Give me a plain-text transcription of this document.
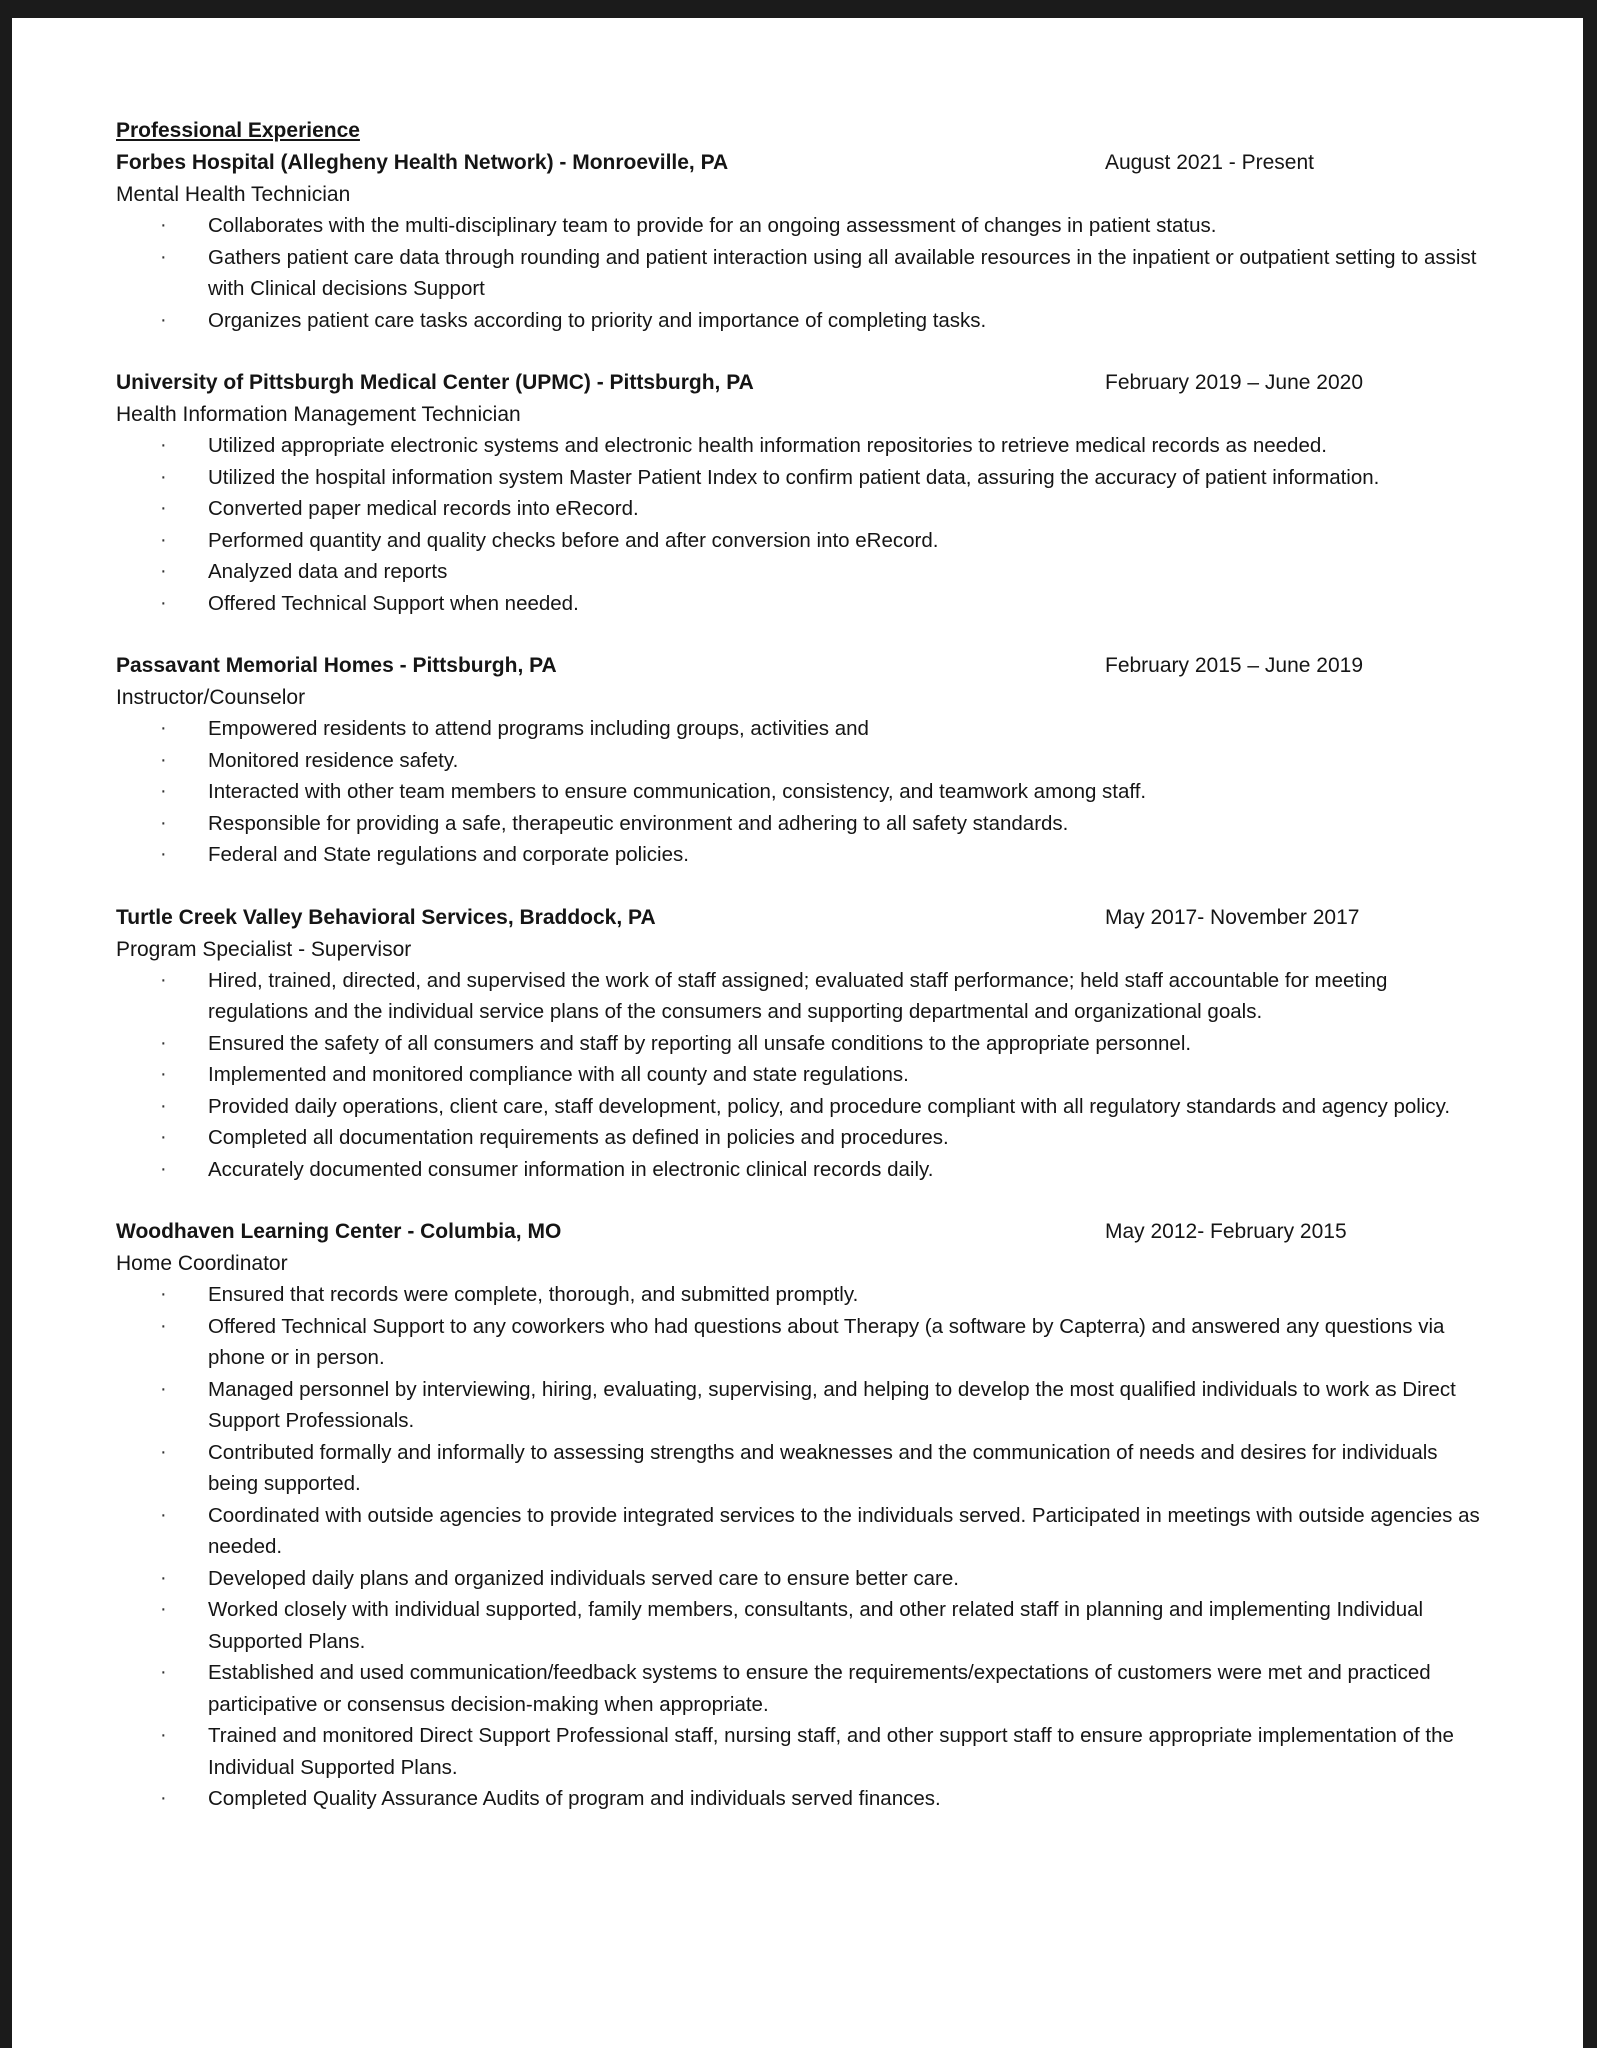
Professional Experience
Forbes Hospital (Allegheny Health Network) - Monroeville, PA	August 2021 - Present
Mental Health Technician
· Collaborates with the multi-disciplinary team to provide for an ongoing assessment of changes in patient status.
· Gathers patient care data through rounding and patient interaction using all available resources in the inpatient or outpatient setting to assist with Clinical decisions Support
· Organizes patient care tasks according to priority and importance of completing tasks.
University of Pittsburgh Medical Center (UPMC) - Pittsburgh, PA	February 2019 – June 2020
Health Information Management Technician
· Utilized appropriate electronic systems and electronic health information repositories to retrieve medical records as needed.
· Utilized the hospital information system Master Patient Index to confirm patient data, assuring the accuracy of patient information.
· Converted paper medical records into eRecord.
· Performed quantity and quality checks before and after conversion into eRecord.
· Analyzed data and reports
· Offered Technical Support when needed.
Passavant Memorial Homes - Pittsburgh, PA	February 2015 – June 2019
Instructor/Counselor
· Empowered residents to attend programs including groups, activities and
· Monitored residence safety.
· Interacted with other team members to ensure communication, consistency, and teamwork among staff.
· Responsible for providing a safe, therapeutic environment and adhering to all safety standards.
· Federal and State regulations and corporate policies.
Turtle Creek Valley Behavioral Services, Braddock, PA	May 2017- November 2017
Program Specialist - Supervisor
· Hired, trained, directed, and supervised the work of staff assigned; evaluated staff performance; held staff accountable for meeting regulations and the individual service plans of the consumers and supporting departmental and organizational goals.
· Ensured the safety of all consumers and staff by reporting all unsafe conditions to the appropriate personnel.
· Implemented and monitored compliance with all county and state regulations.
· Provided daily operations, client care, staff development, policy, and procedure compliant with all regulatory standards and agency policy.
· Completed all documentation requirements as defined in policies and procedures.
· Accurately documented consumer information in electronic clinical records daily.
Woodhaven Learning Center - Columbia, MO	May 2012- February 2015
Home Coordinator
· Ensured that records were complete, thorough, and submitted promptly.
· Offered Technical Support to any coworkers who had questions about Therapy (a software by Capterra) and answered any questions via phone or in person.
· Managed personnel by interviewing, hiring, evaluating, supervising, and helping to develop the most qualified individuals to work as Direct Support Professionals.
· Contributed formally and informally to assessing strengths and weaknesses and the communication of needs and desires for individuals being supported.
· Coordinated with outside agencies to provide integrated services to the individuals served. Participated in meetings with outside agencies as needed.
· Developed daily plans and organized individuals served care to ensure better care.
· Worked closely with individual supported, family members, consultants, and other related staff in planning and implementing Individual Supported Plans.
· Established and used communication/feedback systems to ensure the requirements/expectations of customers were met and practiced participative or consensus decision-making when appropriate.
· Trained and monitored Direct Support Professional staff, nursing staff, and other support staff to ensure appropriate implementation of the Individual Supported Plans.
· Completed Quality Assurance Audits of program and individuals served finances.
